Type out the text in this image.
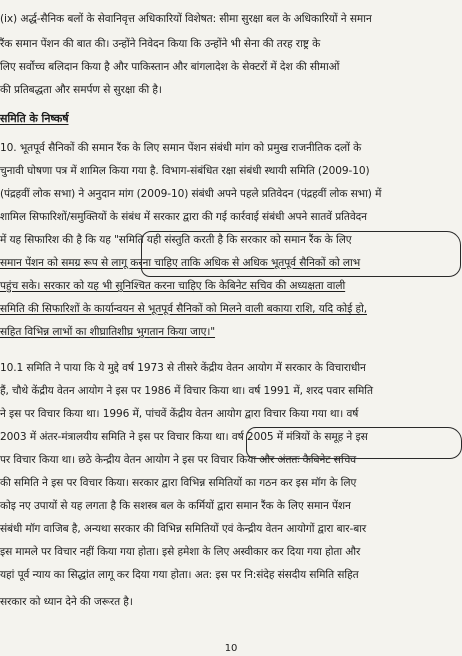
(ix) अर्द्ध-सैनिक बलों के सेवानिवृत्त अधिकारियों विशेषत: सीमा सुरक्षा बल के अधिकारियों ने समान
रैंक समान पेंशन की बात की। उन्होंने निवेदन किया कि उन्होंने भी सेना की तरह राष्ट्र के
लिए सर्वोच्च बलिदान किया है और पाकिस्तान और बांगलादेश के सेक्टरों में देश की सीमाओं
की प्रतिबद्धता और समर्पण से सुरक्षा की है।
समिति के निष्कर्ष
10. भूतपूर्व सैनिकों की समान रैंक के लिए समान पेंशन संबंधी मांग को प्रमुख राजनीतिक दलों के
चुनावी घोषणा पत्र में शामिल किया गया है. विभाग-संबंधित रक्षा संबंधी स्थायी समिति (2009-10)
(पंद्रहवीं लोक सभा) ने अनुदान मांग (2009-10) संबंधी अपने पहले प्रतिवेदन (पंद्रहवीं लोक सभा) में
शामिल सिफारिशों/समुक्तियों के संबंध में सरकार द्वारा की गई कार्रवाई संबंधी अपने सातवें प्रतिवेदन
में यह सिफारिश की है कि यह "समिति यही संस्तुति करती है कि सरकार को समान रैंक के लिए
समान पेंशन को समग्र रूप से लागू करना चाहिए ताकि अधिक से अधिक भूतपूर्व सैनिकों को लाभ
पहुंच सके। सरकार को यह भी सुनिश्चित करना चाहिए कि केबिनेट सचिव की अध्यक्षता वाली
समिति की सिफारिशों के कार्यान्वयन से भूतपूर्व सैनिकों को मिलने वाली बकाया राशि, यदि कोई हो,
सहित विभिन्न लाभों का शीघ्रातिशीघ्र भुगतान किया जाए।"
10.1 समिति ने पाया कि ये मुद्दे वर्ष 1973 से तीसरे केंद्रीय वेतन आयोग में सरकार के विचाराधीन
हैं, चौथे केंद्रीय वेतन आयोग ने इस पर 1986 में विचार किया था। वर्ष 1991 में, शरद पवार समिति
ने इस पर विचार किया था। 1996 में, पांचवें केंद्रीय वेतन आयोग द्वारा विचार किया गया था। वर्ष
2003 में अंतर-मंत्रालयीय समिति ने इस पर विचार किया था। वर्ष 2005 में मंत्रियों के समूह ने इस
पर विचार किया था। छठे केन्द्रीय वेतन आयोग ने इस पर विचार किया और अंततः कैबिनेट सचिव
की समिति ने इस पर विचार किया। सरकार द्वारा विभिन्न समितियों का गठन कर इस मॉग के लिए
कोइ नए उपायों से यह लगता है कि सशस्त्र बल के कर्मियों द्वारा समान रैंक के लिए समान पेंशन
संबंधी मॉग वाजिब है, अन्यथा सरकार की विभिन्न समितियों एवं केन्द्रीय वेतन आयोगों द्वारा बार-बार
इस मामले पर विचार नहीं किया गया होता। इसे हमेशा के लिए अस्वीकार कर दिया गया होता और
यहां पूर्व न्याय का सिद्धांत लागू कर दिया गया होता। अत: इस पर नि:संदेह संसदीय समिति सहित
सरकार को ध्यान देने की जरूरत है।
10
